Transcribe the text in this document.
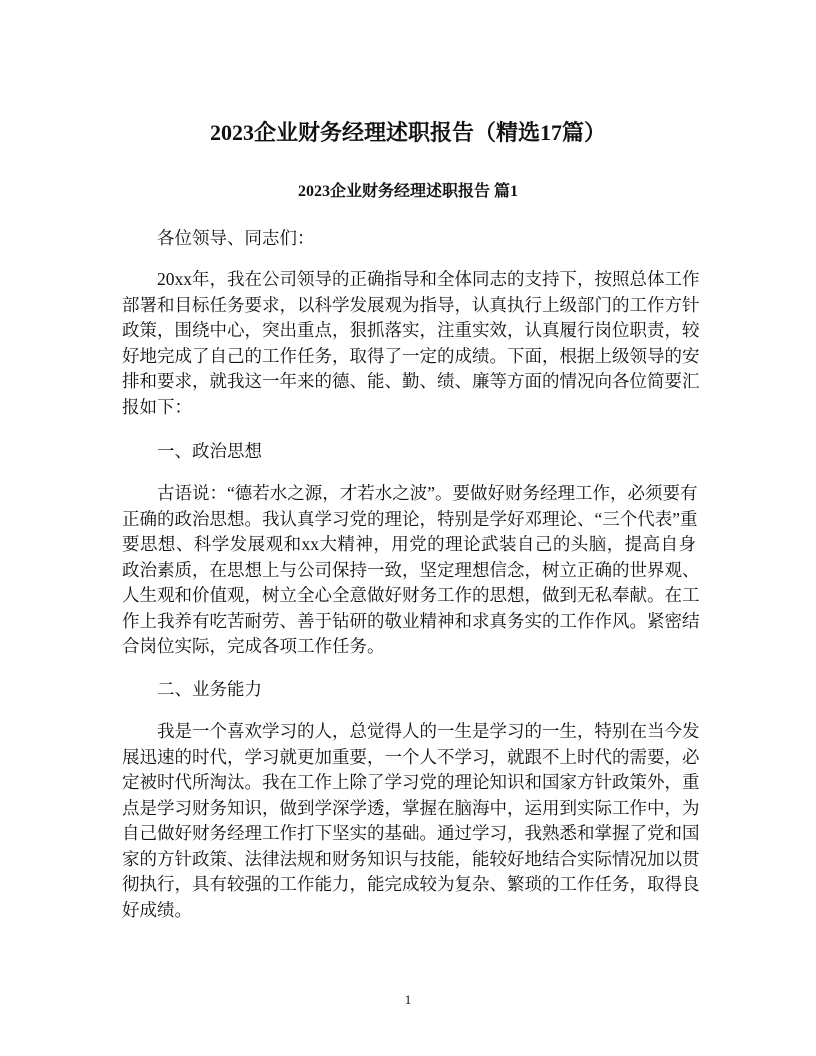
2023企业财务经理述职报告（精选17篇）
2023企业财务经理述职报告 篇1
各位领导、同志们：
20xx年，我在公司领导的正确指导和全体同志的支持下，按照总体工作
部署和目标任务要求，以科学发展观为指导，认真执行上级部门的工作方针
政策，围绕中心，突出重点，狠抓落实，注重实效，认真履行岗位职责，较
好地完成了自己的工作任务，取得了一定的成绩。下面，根据上级领导的安
排和要求，就我这一年来的德、能、勤、绩、廉等方面的情况向各位简要汇
报如下：
一、政治思想
古语说：“德若水之源，才若水之波”。要做好财务经理工作，必须要有
正确的政治思想。我认真学习党的理论，特别是学好邓理论、“三个代表”重
要思想、科学发展观和xx大精神，用党的理论武装自己的头脑，提高自身
政治素质，在思想上与公司保持一致，坚定理想信念，树立正确的世界观、
人生观和价值观，树立全心全意做好财务工作的思想，做到无私奉献。在工
作上我养有吃苦耐劳、善于钻研的敬业精神和求真务实的工作作风。紧密结
合岗位实际，完成各项工作任务。
二、业务能力
我是一个喜欢学习的人，总觉得人的一生是学习的一生，特别在当今发
展迅速的时代，学习就更加重要，一个人不学习，就跟不上时代的需要，必
定被时代所淘汰。我在工作上除了学习党的理论知识和国家方针政策外，重
点是学习财务知识，做到学深学透，掌握在脑海中，运用到实际工作中，为
自己做好财务经理工作打下坚实的基础。通过学习，我熟悉和掌握了党和国
家的方针政策、法律法规和财务知识与技能，能较好地结合实际情况加以贯
彻执行，具有较强的工作能力，能完成较为复杂、繁琐的工作任务，取得良
好成绩。
1
